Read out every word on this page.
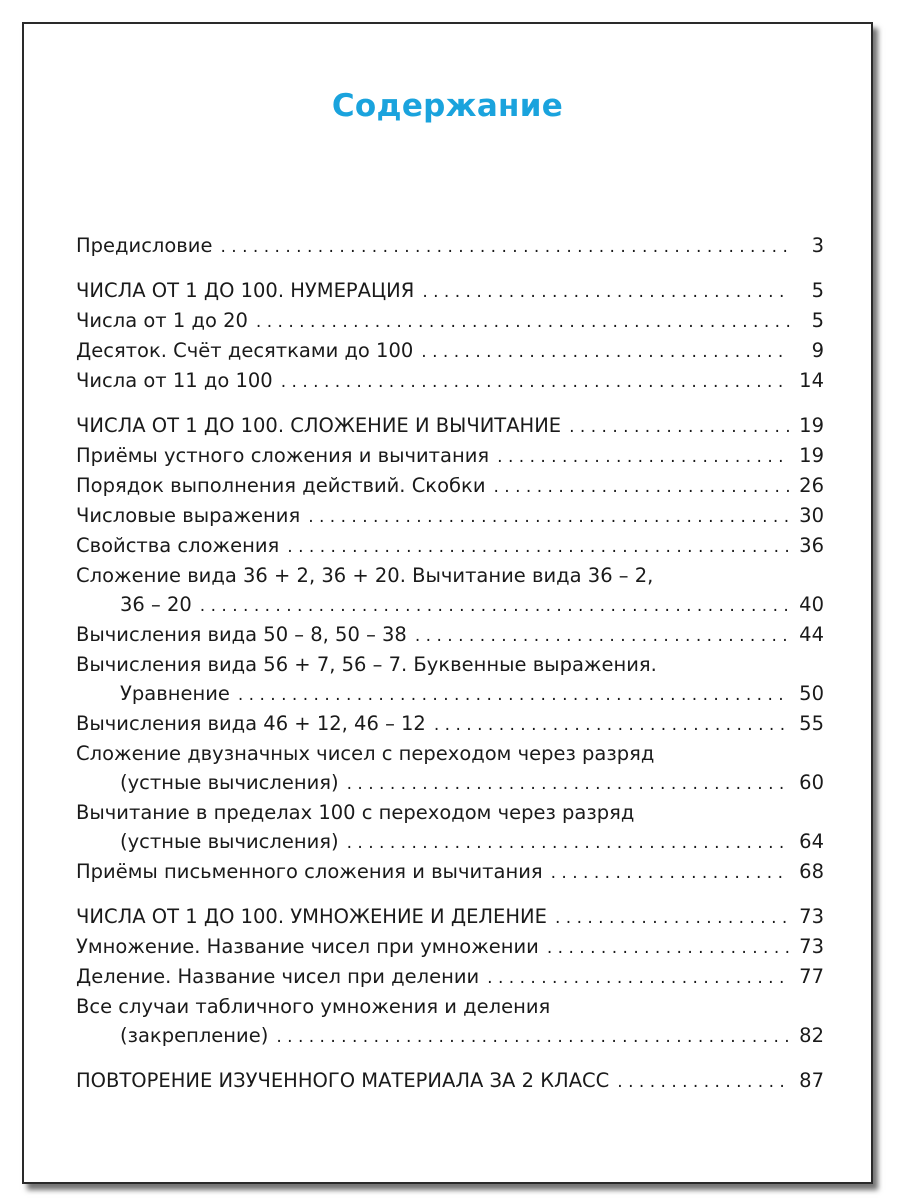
Содержание
Предисловие . . .	3
ЧИСЛА ОТ 1 ДО 100. НУМЕРАЦИЯ . . .	5
Числа от 1 до 20 . . .	5
Десяток. Счёт десятками до 100 . . .	9
Числа от 11 до 100 . . .	14
ЧИСЛА ОТ 1 ДО 100. СЛОЖЕНИЕ И ВЫЧИТАНИЕ . . .	19
Приёмы устного сложения и вычитания . . .	19
Порядок выполнения действий. Скобки . . .	26
Числовые выражения . . .	30
Свойства сложения . . .	36
Сложение вида 36 + 2, 36 + 20. Вычитание вида 36 – 2,
36 – 20 . . .	40
Вычисления вида 50 – 8, 50 – 38 . . .	44
Вычисления вида 56 + 7, 56 – 7. Буквенные выражения.
Уравнение . . .	50
Вычисления вида 46 + 12, 46 – 12 . . .	55
Сложение двузначных чисел с переходом через разряд
(устные вычисления) . . .	60
Вычитание в пределах 100 с переходом через разряд
(устные вычисления) . . .	64
Приёмы письменного сложения и вычитания . . .	68
ЧИСЛА ОТ 1 ДО 100. УМНОЖЕНИЕ И ДЕЛЕНИЕ . . .	73
Умножение. Название чисел при умножении . . .	73
Деление. Название чисел при делении . . .	77
Все случаи табличного умножения и деления
(закрепление) . . .	82
ПОВТОРЕНИЕ ИЗУЧЕННОГО МАТЕРИАЛА ЗА 2 КЛАСС . . .	87
